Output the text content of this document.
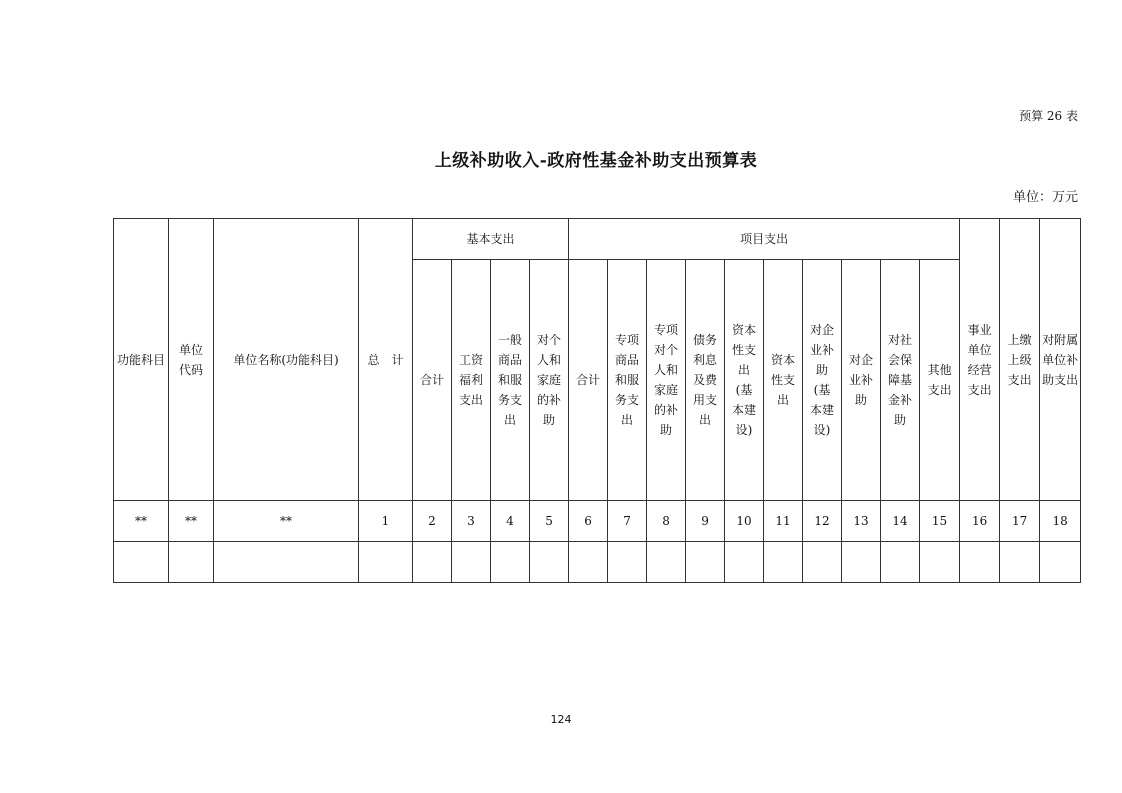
预算 26 表
上级补助收入-政府性基金补助支出预算表
单位：万元
功能科目	单位代码	单位名称(功能科目)	总　计	基本支出				项目支出										事业单位经营支出	上缴上级支出	对附属单位补助支出
				合计	工资福利支出	一般商品和服务支出	对个人和家庭的补助	合计	专项商品和服务支出	专项对个人和家庭的补助	债务利息及费用支出	资本性支出(基本建设)	资本性支出	对企业补助(基本建设)	对企业补助	对社会保障基金补助	其他支出			
**	**	**	1	2	3	4	5	6	7	8	9	10	11	12	13	14	15	16	17	18

124
